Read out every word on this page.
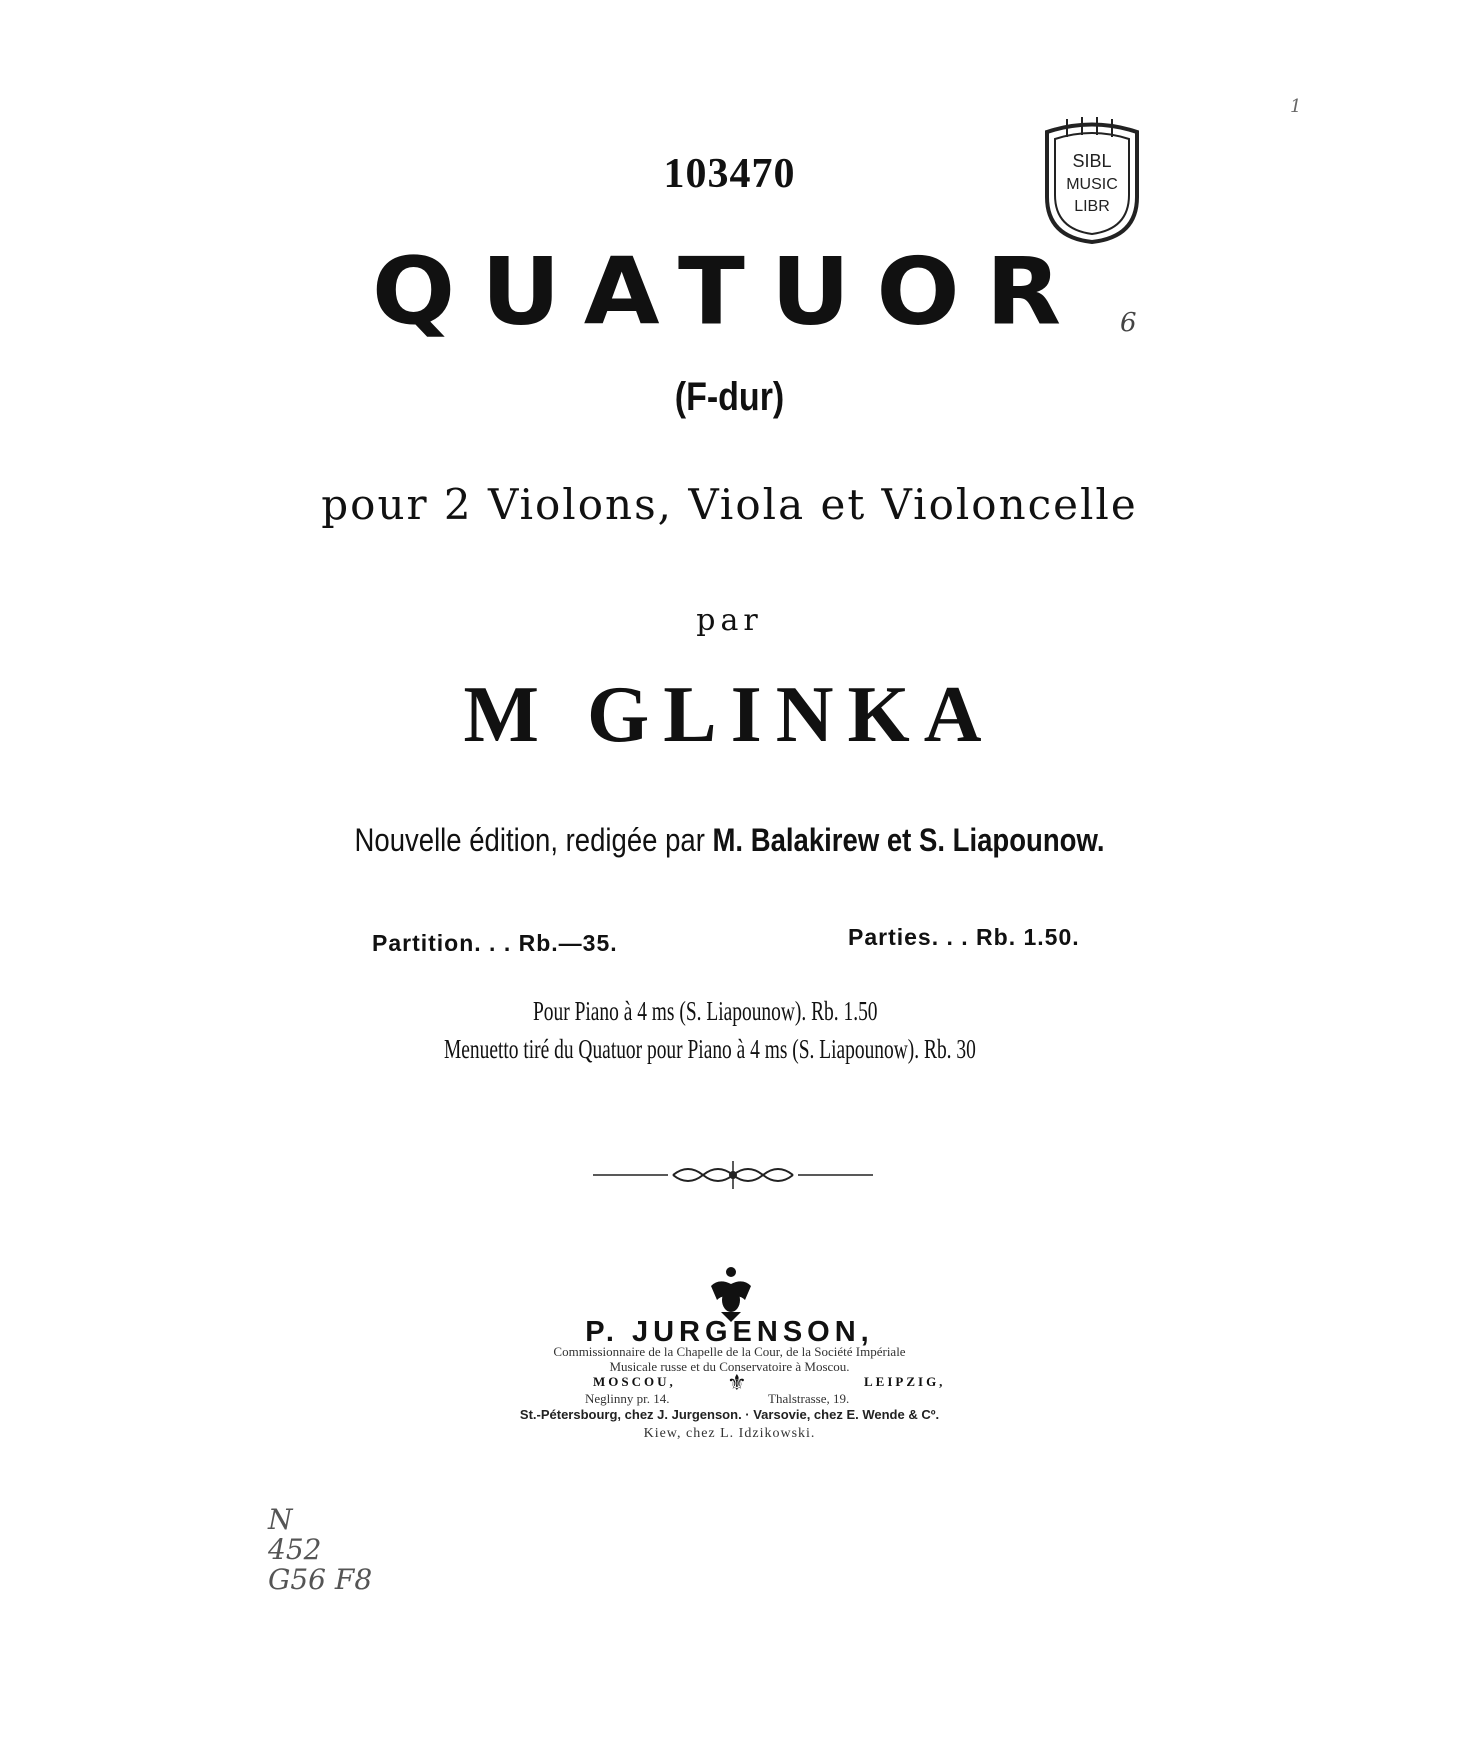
103470	SIBL
MUSIC
LIBR
1
QUATUOR	6
(F-dur)
pour 2 Violons, Viola et Violoncelle
par
M GLINKA
Nouvelle édition, redigée par M. Balakirew et S. Liapounow.
Partition. . . Rb.—35.	Parties. . . Rb. 1.50.
Pour Piano à 4 ms (S. Liapounow). Rb. 1.50
Menuetto tiré du Quatuor pour Piano à 4 ms (S. Liapounow). Rb. 30
P. JURGENSON,
Commissionnaire de la Chapelle de la Cour, de la Société Impériale
Musicale russe et du Conservatoire à Moscou.
MOSCOU, ⚜	LEIPZIG,
Neglinny pr. 14.	Thalstrasse, 19.
St.-Pétersbourg, chez J. Jurgenson. · Varsovie, chez E. Wende & Cº.
Kiew, chez L. Idzikowski.
N
452
G56 F8
